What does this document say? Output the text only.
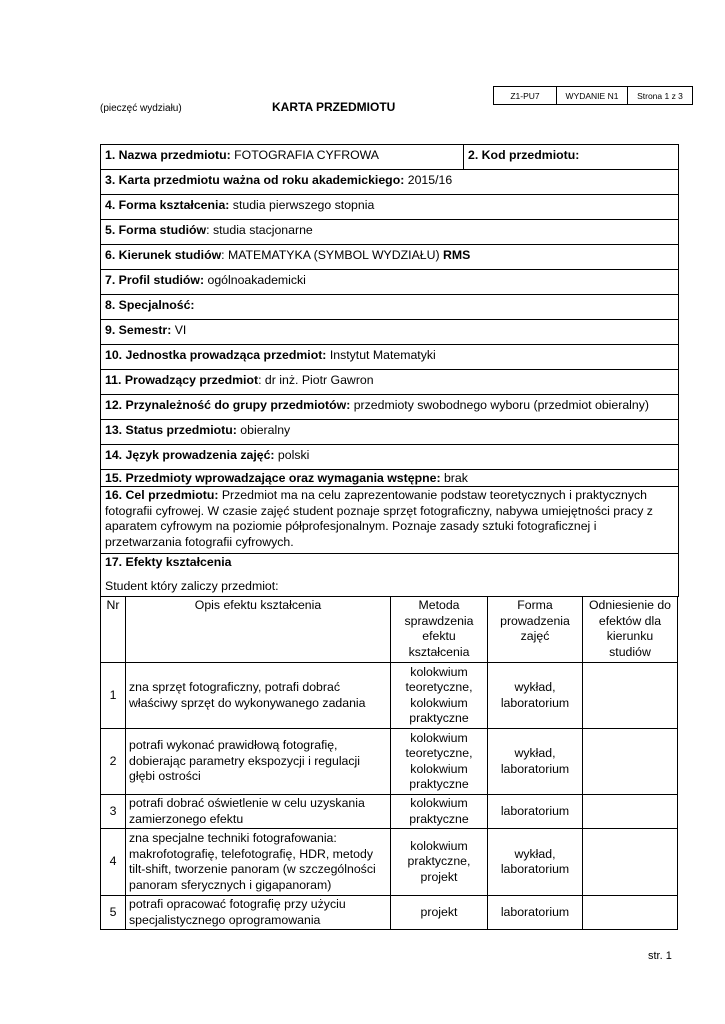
Z1-PU7	WYDANIE N1	Strona 1 z 3
(pieczęć wydziału)	KARTA PRZEDMIOTU
1. Nazwa przedmiotu: FOTOGRAFIA CYFROWA	2. Kod przedmiotu:
3. Karta przedmiotu ważna od roku akademickiego: 2015/16
4. Forma kształcenia: studia pierwszego stopnia
5. Forma studiów: studia stacjonarne
6. Kierunek studiów: MATEMATYKA (SYMBOL WYDZIAŁU) RMS
7. Profil studiów: ogólnoakademicki
8. Specjalność:
9. Semestr: VI
10. Jednostka prowadząca przedmiot: Instytut Matematyki
11. Prowadzący przedmiot: dr inż. Piotr Gawron
12. Przynależność do grupy przedmiotów: przedmioty swobodnego wyboru (przedmiot obieralny)
13. Status przedmiotu: obieralny
14. Język prowadzenia zajęć: polski
15. Przedmioty wprowadzające oraz wymagania wstępne: brak
16. Cel przedmiotu: Przedmiot ma na celu zaprezentowanie podstaw teoretycznych i praktycznych fotografii cyfrowej. W czasie zajęć student poznaje sprzęt fotograficzny, nabywa umiejętności pracy z aparatem cyfrowym na poziomie półprofesjonalnym. Poznaje zasady sztuki fotograficznej i przetwarzania fotografii cyfrowych.
17. Efekty kształcenia
Student który zaliczy przedmiot:
Nr	Opis efektu kształcenia	Metoda sprawdzenia efektu kształcenia	Forma prowadzenia zajęć	Odniesienie do efektów dla kierunku studiów
1	zna sprzęt fotograficzny, potrafi dobrać właściwy sprzęt do wykonywanego zadania	kolokwium teoretyczne, kolokwium praktyczne	wykład, laboratorium	
2	potrafi wykonać prawidłową fotografię, dobierając parametry ekspozycji i regulacji głębi ostrości	kolokwium teoretyczne, kolokwium praktyczne	wykład, laboratorium	
3	potrafi dobrać oświetlenie w celu uzyskania zamierzonego efektu	kolokwium praktyczne	laboratorium	
4	zna specjalne techniki fotografowania: makrofotografię, telefotografię, HDR, metody tilt-shift, tworzenie panoram (w szczególności panoram sferycznych i gigapanoram)	kolokwium praktyczne, projekt	wykład, laboratorium	
5	potrafi opracować fotografię przy użyciu specjalistycznego oprogramowania	projekt	laboratorium	
str. 1
